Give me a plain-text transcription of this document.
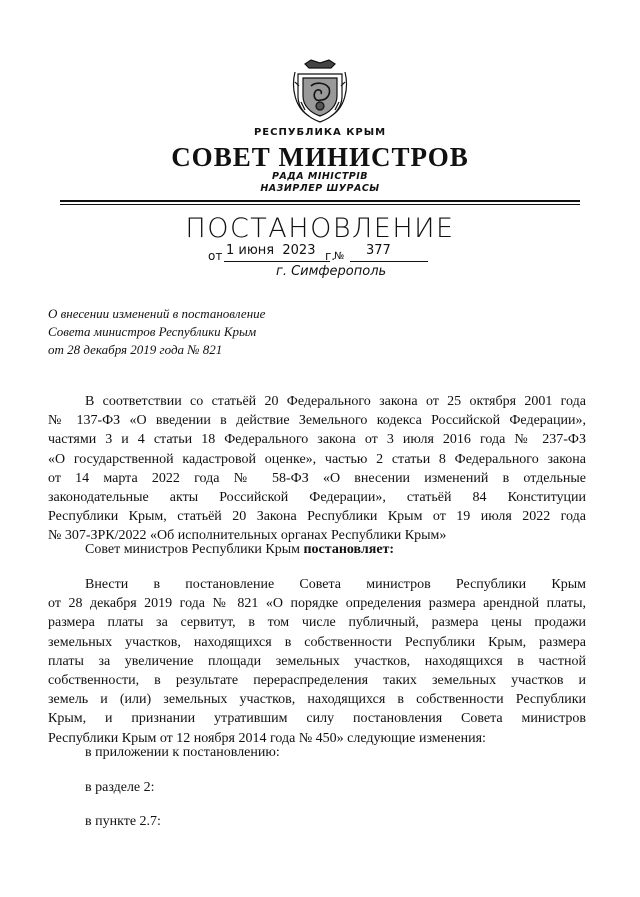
РЕСПУБЛИКА КРЫМ
СОВЕТ МИНИСТРОВ
РАДА МІНІСТРІВ
НАЗИРЛЕР ШУРАСЫ
ПОСТАНОВЛЕНИЕ
от 1 июня  2023 г.
№ 377
г. Симферополь
О внесении изменений в постановление
Совета министров Республики Крым
от 28 декабря 2019 года № 821
В соответствии со статьёй 20 Федерального закона от 25 октября 2001 года
№ 137-ФЗ «О введении в действие Земельного кодекса Российской Федерации»,
частями 3 и 4 статьи 18 Федерального закона от 3 июля 2016 года № 237-ФЗ
«О государственной кадастровой оценке», частью 2 статьи 8 Федерального закона
от 14 марта 2022 года № 58-ФЗ «О внесении изменений в отдельные
законодательные акты Российской Федерации», статьёй 84 Конституции
Республики Крым, статьёй 20 Закона Республики Крым от 19 июля 2022 года
№ 307-ЗРК/2022 «Об исполнительных органах Республики Крым»
Совет министров Республики Крым постановляет:
Внести в постановление Совета министров Республики Крым
от 28 декабря 2019 года № 821 «О порядке определения размера арендной платы,
размера платы за сервитут, в том числе публичный, размера цены продажи
земельных участков, находящихся в собственности Республики Крым, размера
платы за увеличение площади земельных участков, находящихся в частной
собственности, в результате перераспределения таких земельных участков и
земель и (или) земельных участков, находящихся в собственности Республики
Крым, и признании утратившим силу постановления Совета министров
Республики Крым от 12 ноября 2014 года № 450» следующие изменения:
в приложении к постановлению:
в разделе 2:
в пункте 2.7:
